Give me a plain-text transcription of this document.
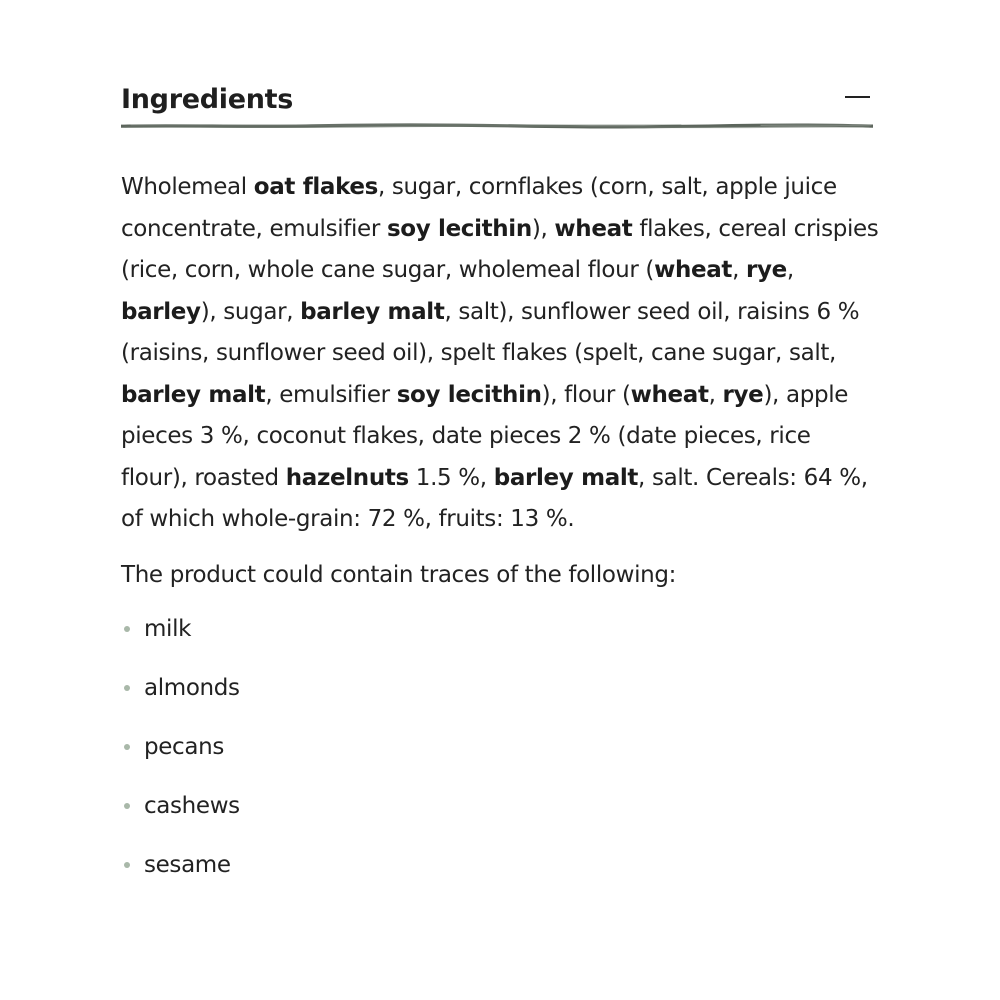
Ingredients

Wholemeal oat flakes, sugar, cornflakes (corn, salt, apple juice concentrate, emulsifier soy lecithin), wheat flakes, cereal crispies (rice, corn, whole cane sugar, wholemeal flour (wheat, rye, barley), sugar, barley malt, salt), sunflower seed oil, raisins 6 % (raisins, sunflower seed oil), spelt flakes (spelt, cane sugar, salt, barley malt, emulsifier soy lecithin), flour (wheat, rye), apple pieces 3 %, coconut flakes, date pieces 2 % (date pieces, rice flour), roasted hazelnuts 1.5 %, barley malt, salt. Cereals: 64 %, of which whole-grain: 72 %, fruits: 13 %.

The product could contain traces of the following:

milk
almonds
pecans
cashews
sesame
